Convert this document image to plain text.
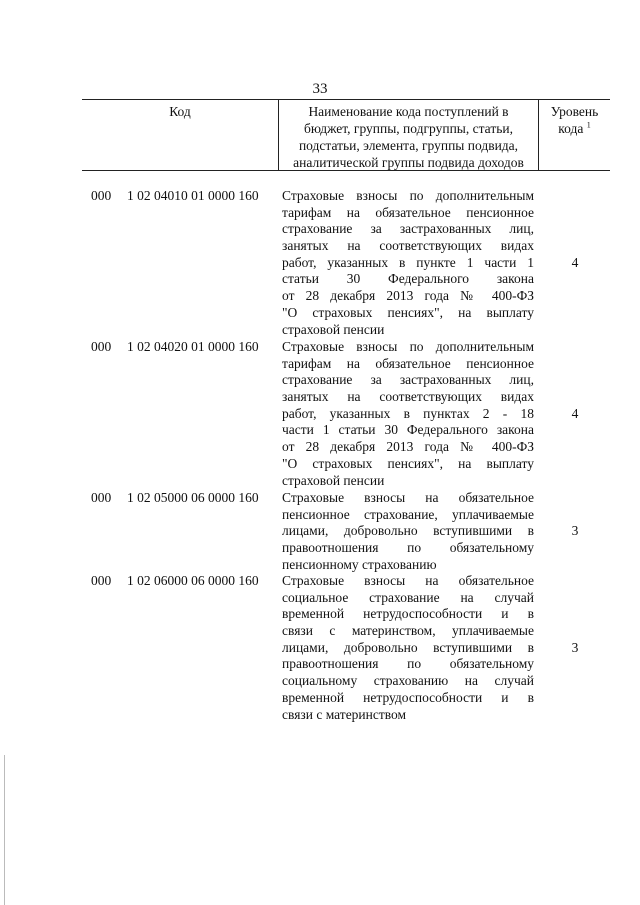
33
Код	Наименование кода поступлений в
бюджет, группы, подгруппы, статьи,
подстатьи, элемента, группы подвида,
аналитической группы подвида доходов
Уровень
кода $^1$
000 1 02 04010 01 0000 160 Страховые взносы по дополнительным
тарифам на обязательное пенсионное
страхование за застрахованных лиц,
занятых на соответствующих видах
работ, указанных в пункте 1 части 1
статьи 30 Федерального закона
от 28 декабря 2013 года № 400-ФЗ
"О страховых пенсиях", на выплату
страховой пенсии
4
000 1 02 04020 01 0000 160 Страховые взносы по дополнительным
тарифам на обязательное пенсионное
страхование за застрахованных лиц,
занятых на соответствующих видах
работ, указанных в пунктах 2 - 18
части 1 статьи 30 Федерального закона
от 28 декабря 2013 года № 400-ФЗ
"О страховых пенсиях", на выплату
страховой пенсии
4
000 1 02 05000 06 0000 160 Страховые взносы на обязательное
пенсионное страхование, уплачиваемые
лицами, добровольно вступившими в
правоотношения по обязательному
пенсионному страхованию
3
000 1 02 06000 06 0000 160 Страховые взносы на обязательное
социальное страхование на случай
временной нетрудоспособности и в
связи с материнством, уплачиваемые
лицами, добровольно вступившими в
правоотношения по обязательному
социальному страхованию на случай
временной нетрудоспособности и в
связи с материнством
3
